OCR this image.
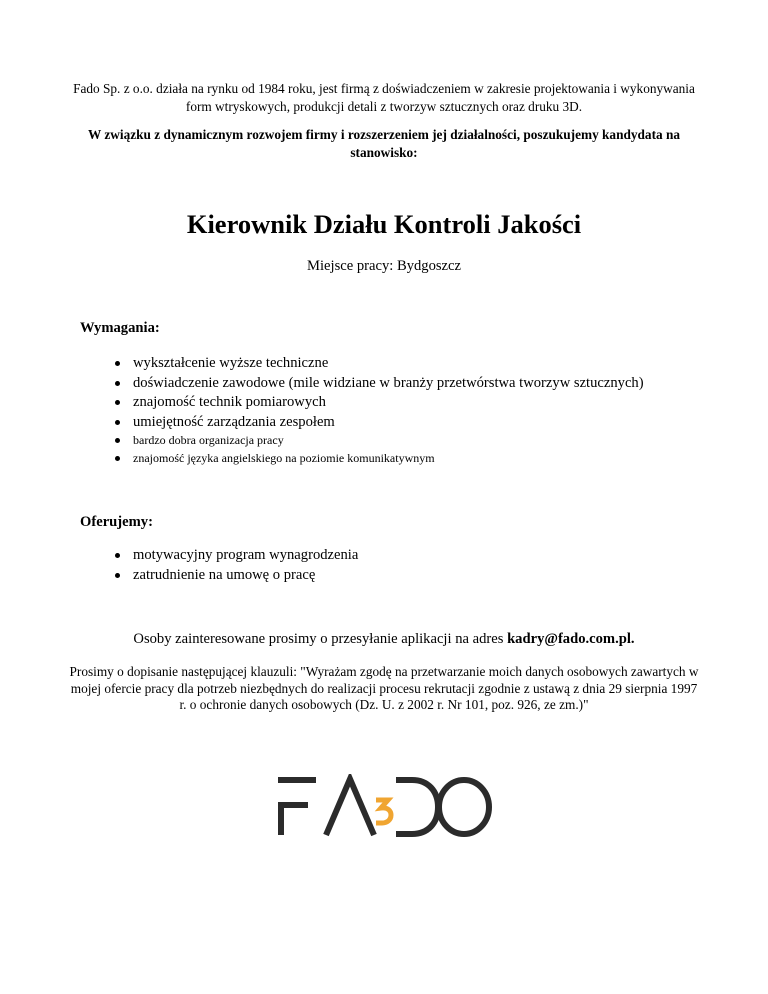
Fado Sp. z o.o. działa na rynku od 1984 roku, jest firmą z doświadczeniem w zakresie projektowania i wykonywania form wtryskowych, produkcji detali z tworzyw sztucznych oraz druku 3D.
W związku z dynamicznym rozwojem firmy i rozszerzeniem jej działalności, poszukujemy kandydata na stanowisko:
Kierownik Działu Kontroli Jakości
Miejsce pracy: Bydgoszcz
Wymagania:
wykształcenie wyższe techniczne
doświadczenie zawodowe (mile widziane w branży przetwórstwa tworzyw sztucznych)
znajomość technik pomiarowych
umiejętność zarządzania zespołem
bardzo dobra organizacja pracy
znajomość języka angielskiego na poziomie komunikatywnym
Oferujemy:
motywacyjny program wynagrodzenia
zatrudnienie na umowę o pracę
Osoby zainteresowane prosimy o przesyłanie aplikacji na adres kadry@fado.com.pl.
Prosimy o dopisanie następującej klauzuli: "Wyrażam zgodę na przetwarzanie moich danych osobowych zawartych w mojej ofercie pracy dla potrzeb niezbędnych do realizacji procesu rekrutacji zgodnie z ustawą z dnia 29 sierpnia 1997 r. o ochronie danych osobowych (Dz. U. z 2002 r. Nr 101, poz. 926, ze zm.)"
